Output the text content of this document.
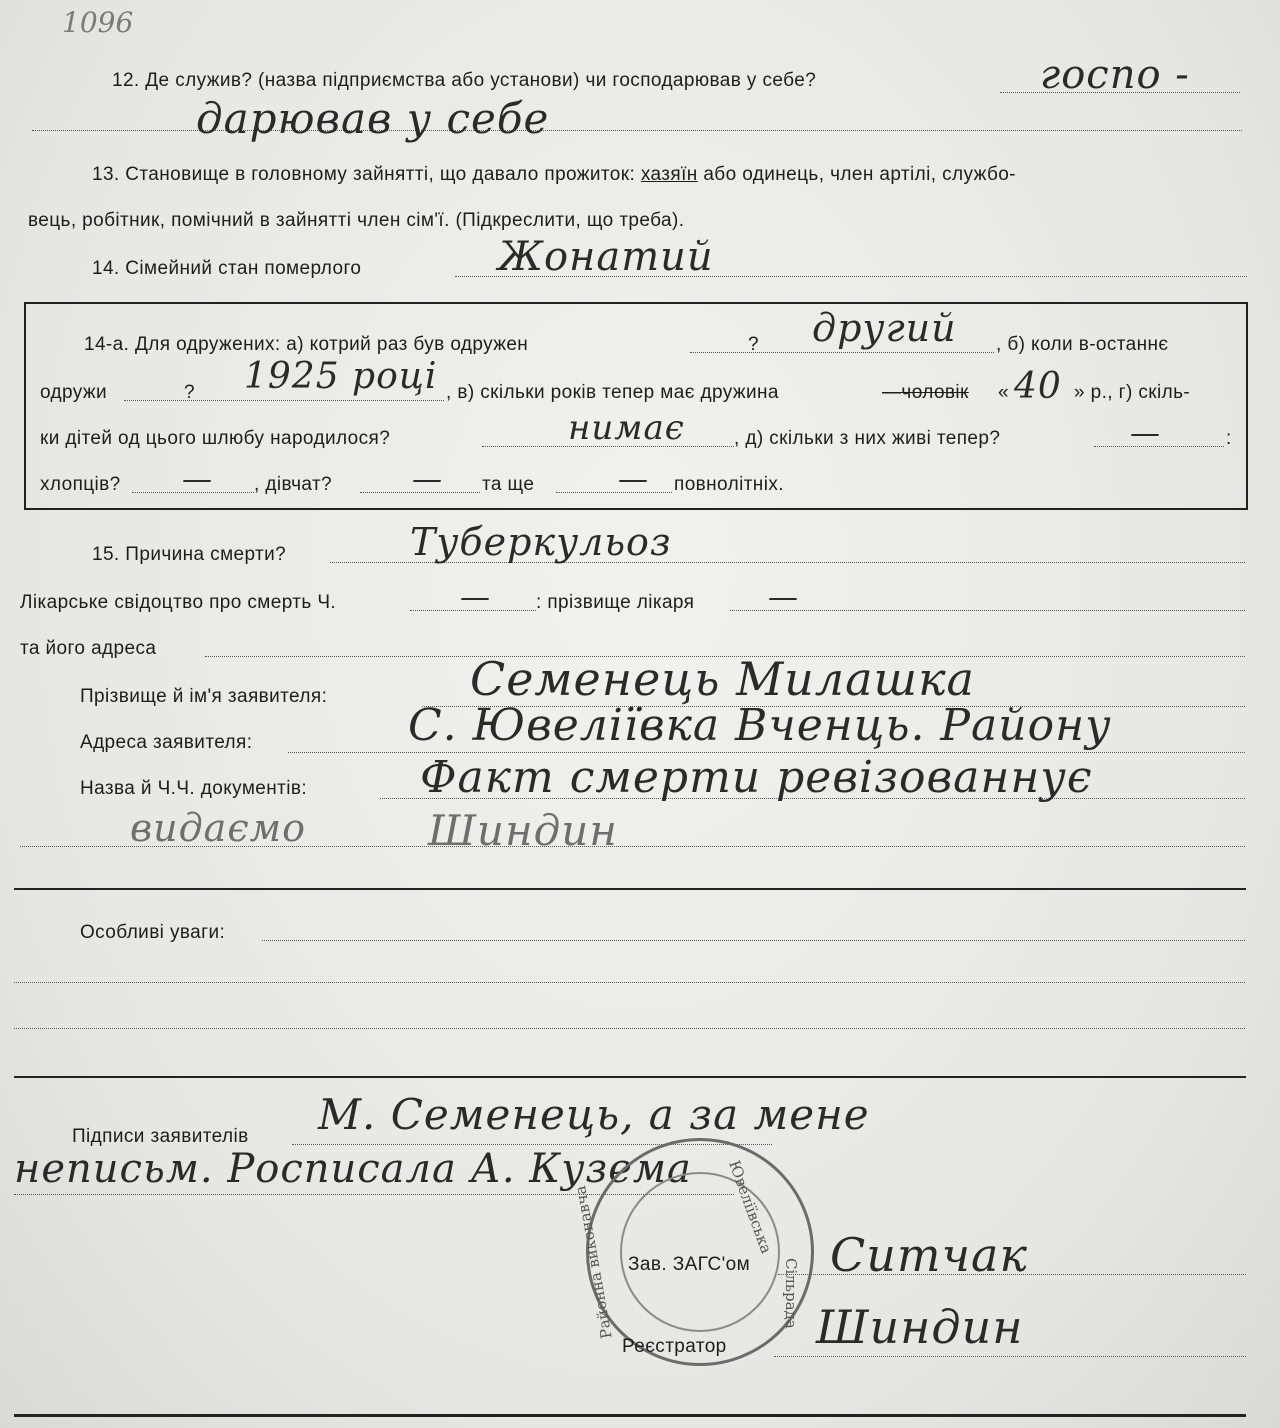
1096
12. Де служив? (назва підприємства або установи) чи господарював у себе?	госпо -
дарював у себе
13. Становище в головному зайнятті, що давало прожиток: хазяїн або одинець, член артілі, службо-
вець, робітник, помічний в зайнятті член сім'ї. (Підкреслити, що треба).
14. Сімейний стан померлого	Жонатий
14-а. Для одружених: а) котрий раз був одружен	? другий , б) коли в-останнє
одружи	? 1925 році , в) скільки років тепер має дружина	—чоловік « 40 » р., г) скіль-
ки дітей од цього шлюбу народилося?	нимає	, д) скільки з них живі тепер?	—	:
хлопців? — , дівчат?	— та ще	— повнолітніх.
15. Причина смерти?	Туберкульоз
Лікарське свідоцтво про смерть Ч.	— : прізвище лікаря —
та його адреса
Прізвище й ім'я заявителя:	Семенець Милашка
Адреса заявителя:	С. Ювеліївка Вченць. Району
Назва й Ч.Ч. документів:	Факт смерти ревізованнує
видаємо	Шиндин
Особливі уваги:
Підписи заявителів М. Семенець, а за мене
неписьм. Росписала А. Кузема Ювеліївська
Районна виконавча	Сільрада
Зав. ЗАГС'ом Ситчак
Реєстратор Шиндин
